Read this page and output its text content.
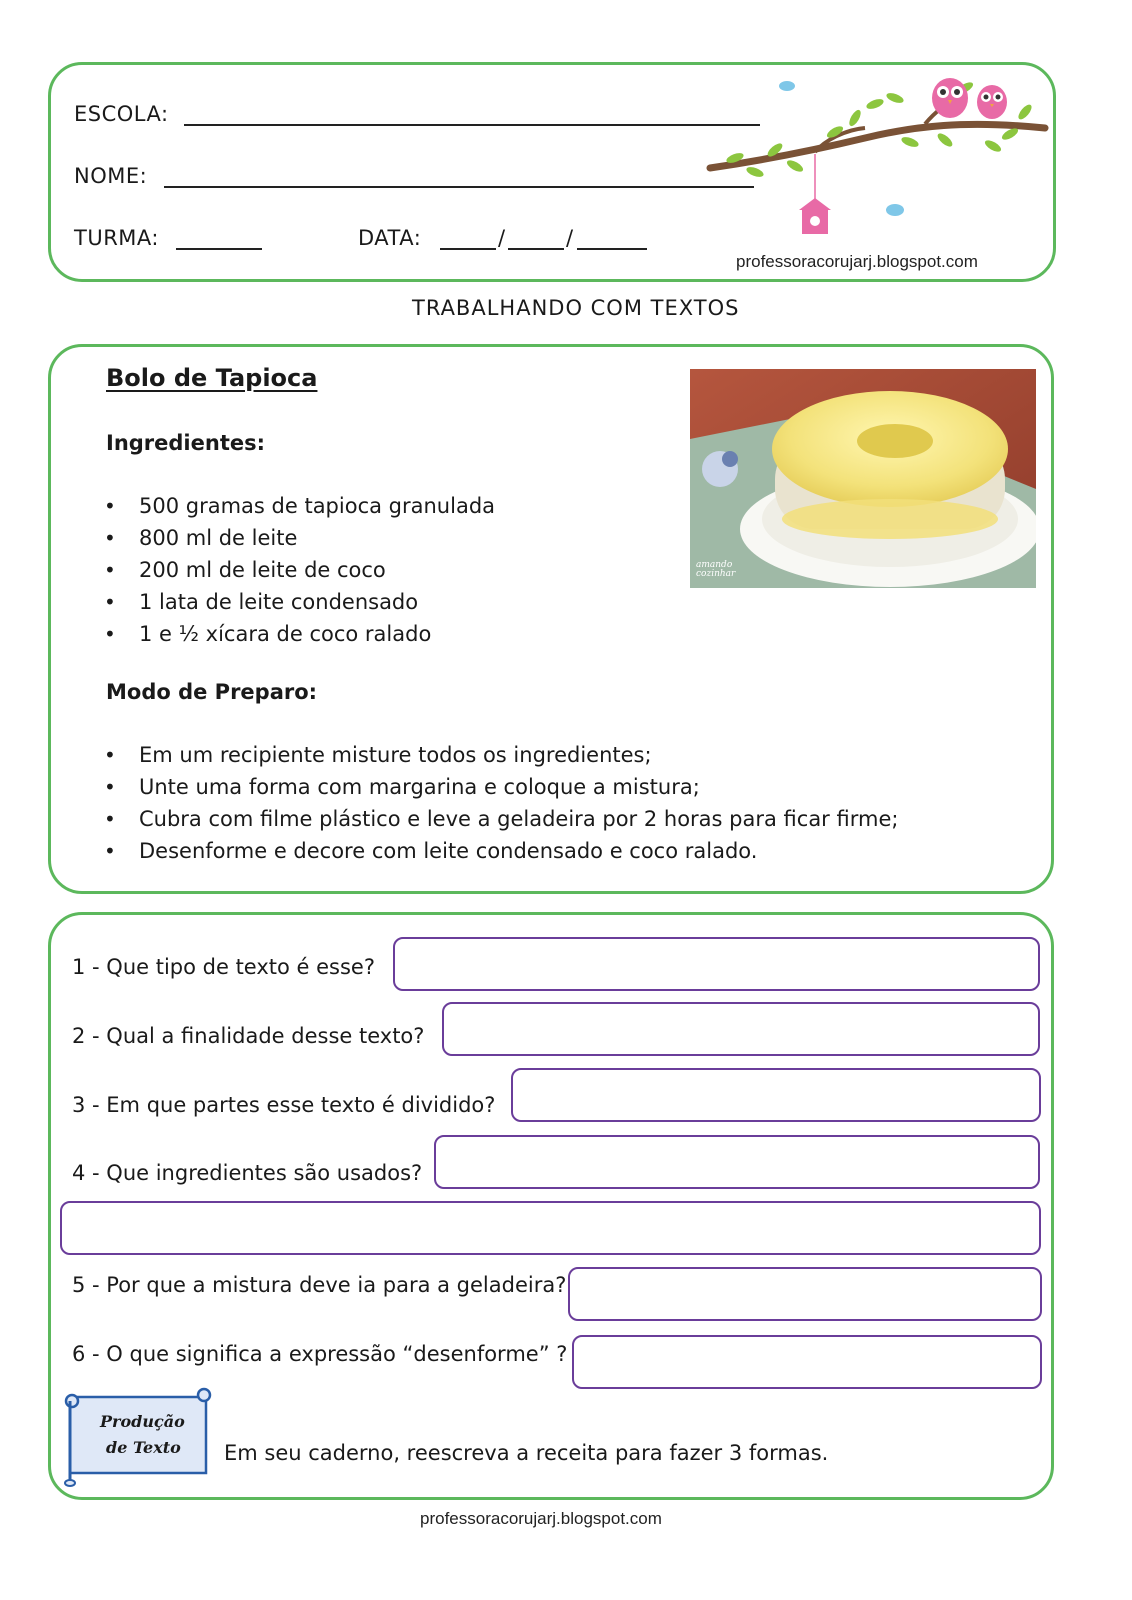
ESCOLA:
NOME:
TURMA:	DATA:	/	/
professoracorujarj.blogspot.com
TRABALHANDO COM TEXTOS
Bolo de Tapioca
Ingredientes:
• 500 gramas de tapioca granulada
• 800 ml de leite
• 200 ml de leite de coco
• 1 lata de leite condensado
• 1 e ½ xícara de coco ralado
Modo de Preparo:
• Em um recipiente misture todos os ingredientes;
• Unte uma forma com margarina e coloque a mistura;
• Cubra com filme plástico e leve a geladeira por 2 horas para ficar firme;
• Desenforme e decore com leite condensado e coco ralado.
amando
cozinhar
1 - Que tipo de texto é esse?
2 - Qual a finalidade desse texto?
3 - Em que partes esse texto é dividido?
4 - Que ingredientes são usados?
5 - Por que a mistura deve ia para a geladeira?
6 - O que significa a expressão “desenforme” ?
Produção
de Texto	Em seu caderno, reescreva a receita para fazer 3 formas.
professoracorujarj.blogspot.com
